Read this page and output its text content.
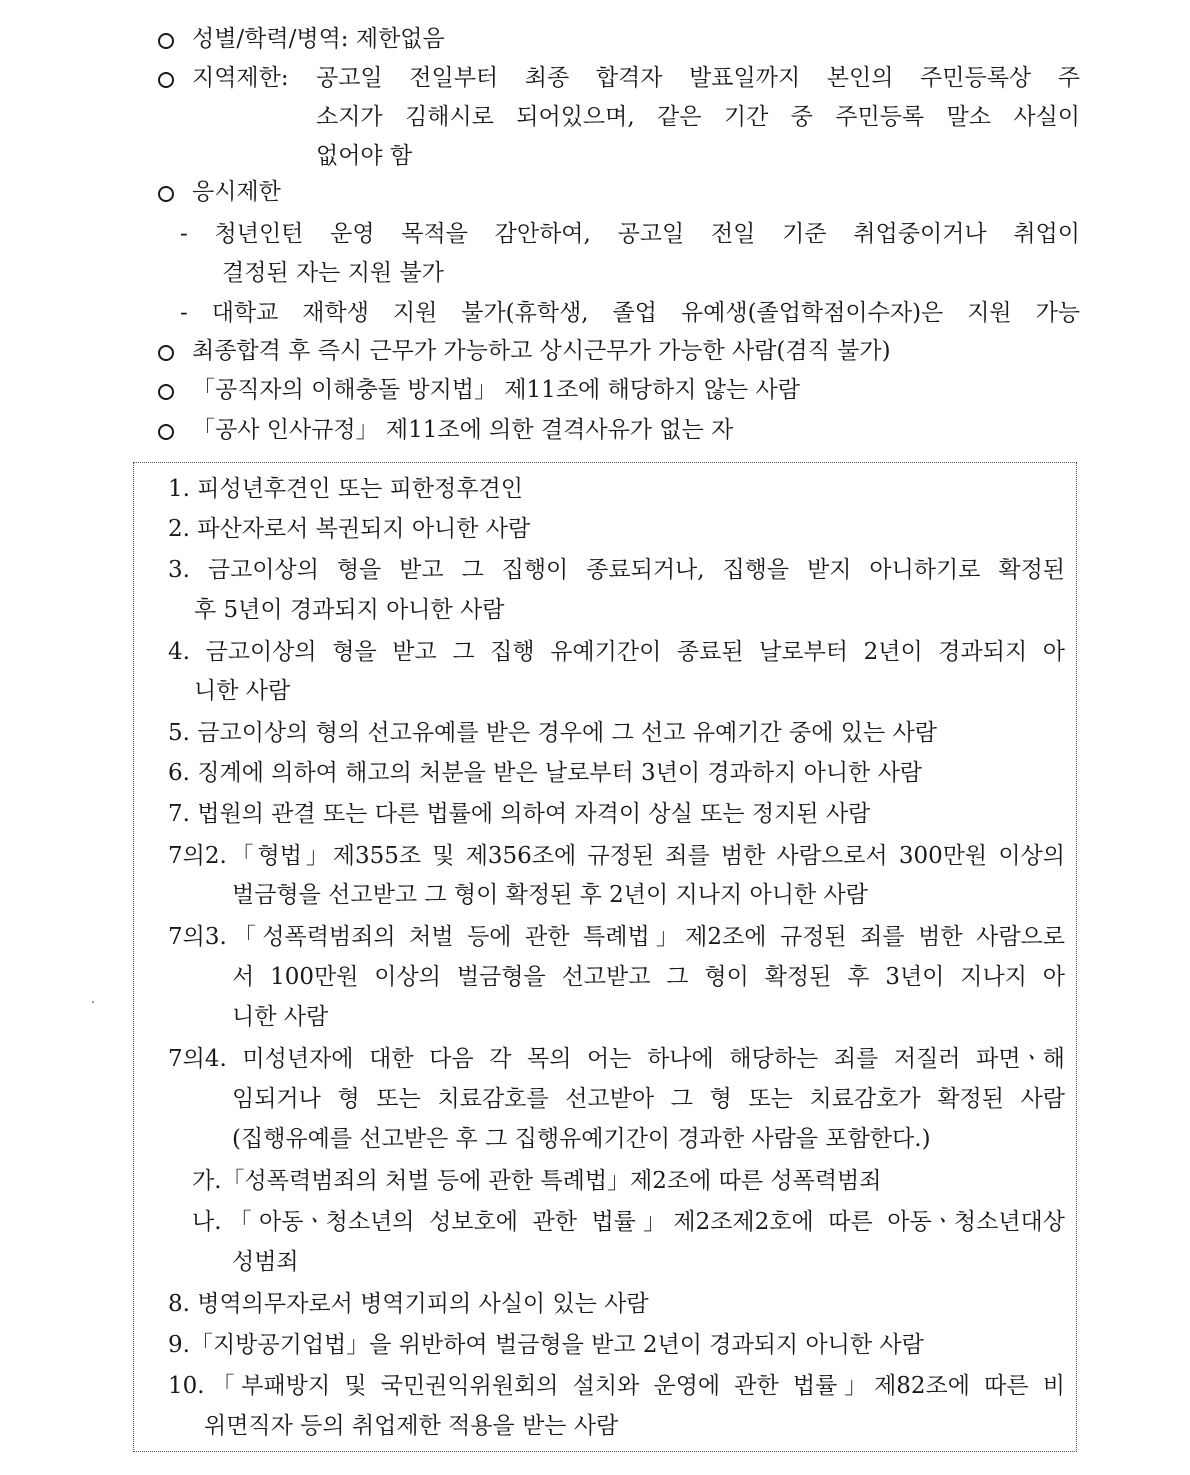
성별/학력/병역: 제한없음
지역제한: 공고일 전일부터 최종 합격자 발표일까지 본인의 주민등록상 주
소지가 김해시로 되어있으며, 같은 기간 중 주민등록 말소 사실이
없어야 함
응시제한
- 청년인턴 운영 목적을 감안하여, 공고일 전일 기준 취업중이거나 취업이
결정된 자는 지원 불가
- 대학교 재학생 지원 불가(휴학생, 졸업 유예생(졸업학점이수자)은 지원 가능
최종합격 후 즉시 근무가 가능하고 상시근무가 가능한 사람(겸직 불가)
「공직자의 이해충돌 방지법」 제11조에 해당하지 않는 사람
「공사 인사규정」 제11조에 의한 결격사유가 없는 자
1. 피성년후견인 또는 피한정후견인
2. 파산자로서 복권되지 아니한 사람
3. 금고이상의 형을 받고 그 집행이 종료되거나, 집행을 받지 아니하기로 확정된
후 5년이 경과되지 아니한 사람
4. 금고이상의 형을 받고 그 집행 유예기간이 종료된 날로부터 2년이 경과되지 아
니한 사람
5. 금고이상의 형의 선고유예를 받은 경우에 그 선고 유예기간 중에 있는 사람
6. 징계에 의하여 해고의 처분을 받은 날로부터 3년이 경과하지 아니한 사람
7. 법원의 관결 또는 다른 법률에 의하여 자격이 상실 또는 정지된 사람
7의2.「형법」제355조 및 제356조에 규정된 죄를 범한 사람으로서 300만원 이상의
벌금형을 선고받고 그 형이 확정된 후 2년이 지나지 아니한 사람
7의3.「성폭력범죄의 처벌 등에 관한 특례법」제2조에 규정된 죄를 범한 사람으로
서 100만원 이상의 벌금형을 선고받고 그 형이 확정된 후 3년이 지나지 아
니한 사람
7의4. 미성년자에 대한 다음 각 목의 어는 하나에 해당하는 죄를 저질러 파면ㆍ해
임되거나 형 또는 치료감호를 선고받아 그 형 또는 치료감호가 확정된 사람
(집행유예를 선고받은 후 그 집행유예기간이 경과한 사람을 포함한다.)
가.「성폭력범죄의 처벌 등에 관한 특례법」제2조에 따른 성폭력범죄
나.「아동ㆍ청소년의 성보호에 관한 법률」제2조제2호에 따른 아동ㆍ청소년대상
성범죄
8. 병역의무자로서 병역기피의 사실이 있는 사람
9.「지방공기업법」을 위반하여 벌금형을 받고 2년이 경과되지 아니한 사람
10.「부패방지 및 국민권익위원회의 설치와 운영에 관한 법률」제82조에 따른 비
위면직자 등의 취업제한 적용을 받는 사람
